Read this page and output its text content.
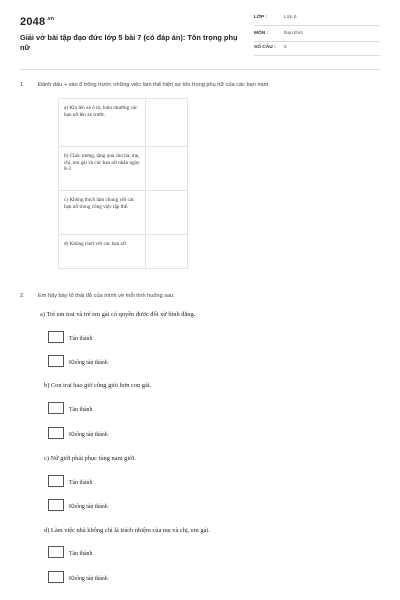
$2048^{.vn}$
Giải vở bài tập đạo đức lớp 5 bài 7 (có đáp án): Tôn trọng phụ nữ
LỚP :	Lớp 5
MÔN :	Đạo Đức
SỐ CÂU : 5
1. Đánh dấu + vào ô trống trước những việc làm thể hiện sự tôn trọng phụ nữ của các bạn nam.
a) Khi lên xe ô tô, luôn nhường các bạn nữ lên xe trước.	
b) Chúc mừng, tặng quà cho bà, mẹ, chị, em gái và các bạn nữ nhân ngày 8-3	
c) Không thích làm chung với các bạn nữ trong công việc tập thể.	
d) Không chơi với các bạn nữ	
2. Em hãy bày tỏ thái độ của mình về mỗi tình huống sau:
a) Trẻ em trai và trẻ em gái có quyền được đối xử bình đẳng.
Tán thành
Không tán thành
b) Con trai bao giờ cũng giỏi hơn con gái.
Tán thành
Không tán thành
c) Nữ giới phải phục tùng nam giới.
Tán thành
Không tán thành
d) Làm việc nhà không chỉ là trách nhiệm của mẹ và chị, em gái.
Tán thành
Không tán thành
